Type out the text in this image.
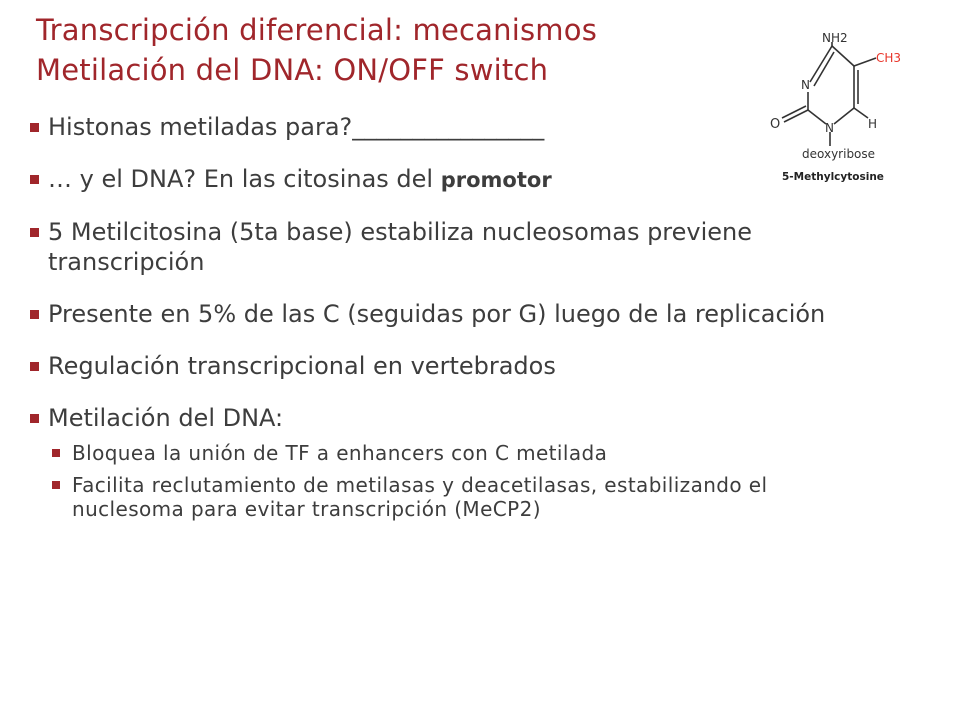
Transcripción diferencial: mecanismos
Metilación del DNA: ON/OFF switch
NH2
CH3
N
N
O	H
deoxyribose
5-Methylcytosine
Histonas metiladas para?________________
… y el DNA? En las citosinas del promotor
5 Metilcitosina (5ta base) estabiliza nucleosomas previene transcripción
Presente en 5% de las C (seguidas por G) luego de la replicación
Regulación transcripcional en vertebrados
Metilación del DNA:
Bloquea la unión de TF a enhancers con C metilada
Facilita reclutamiento de metilasas y deacetilasas, estabilizando el nuclesoma para evitar transcripción (MeCP2)
